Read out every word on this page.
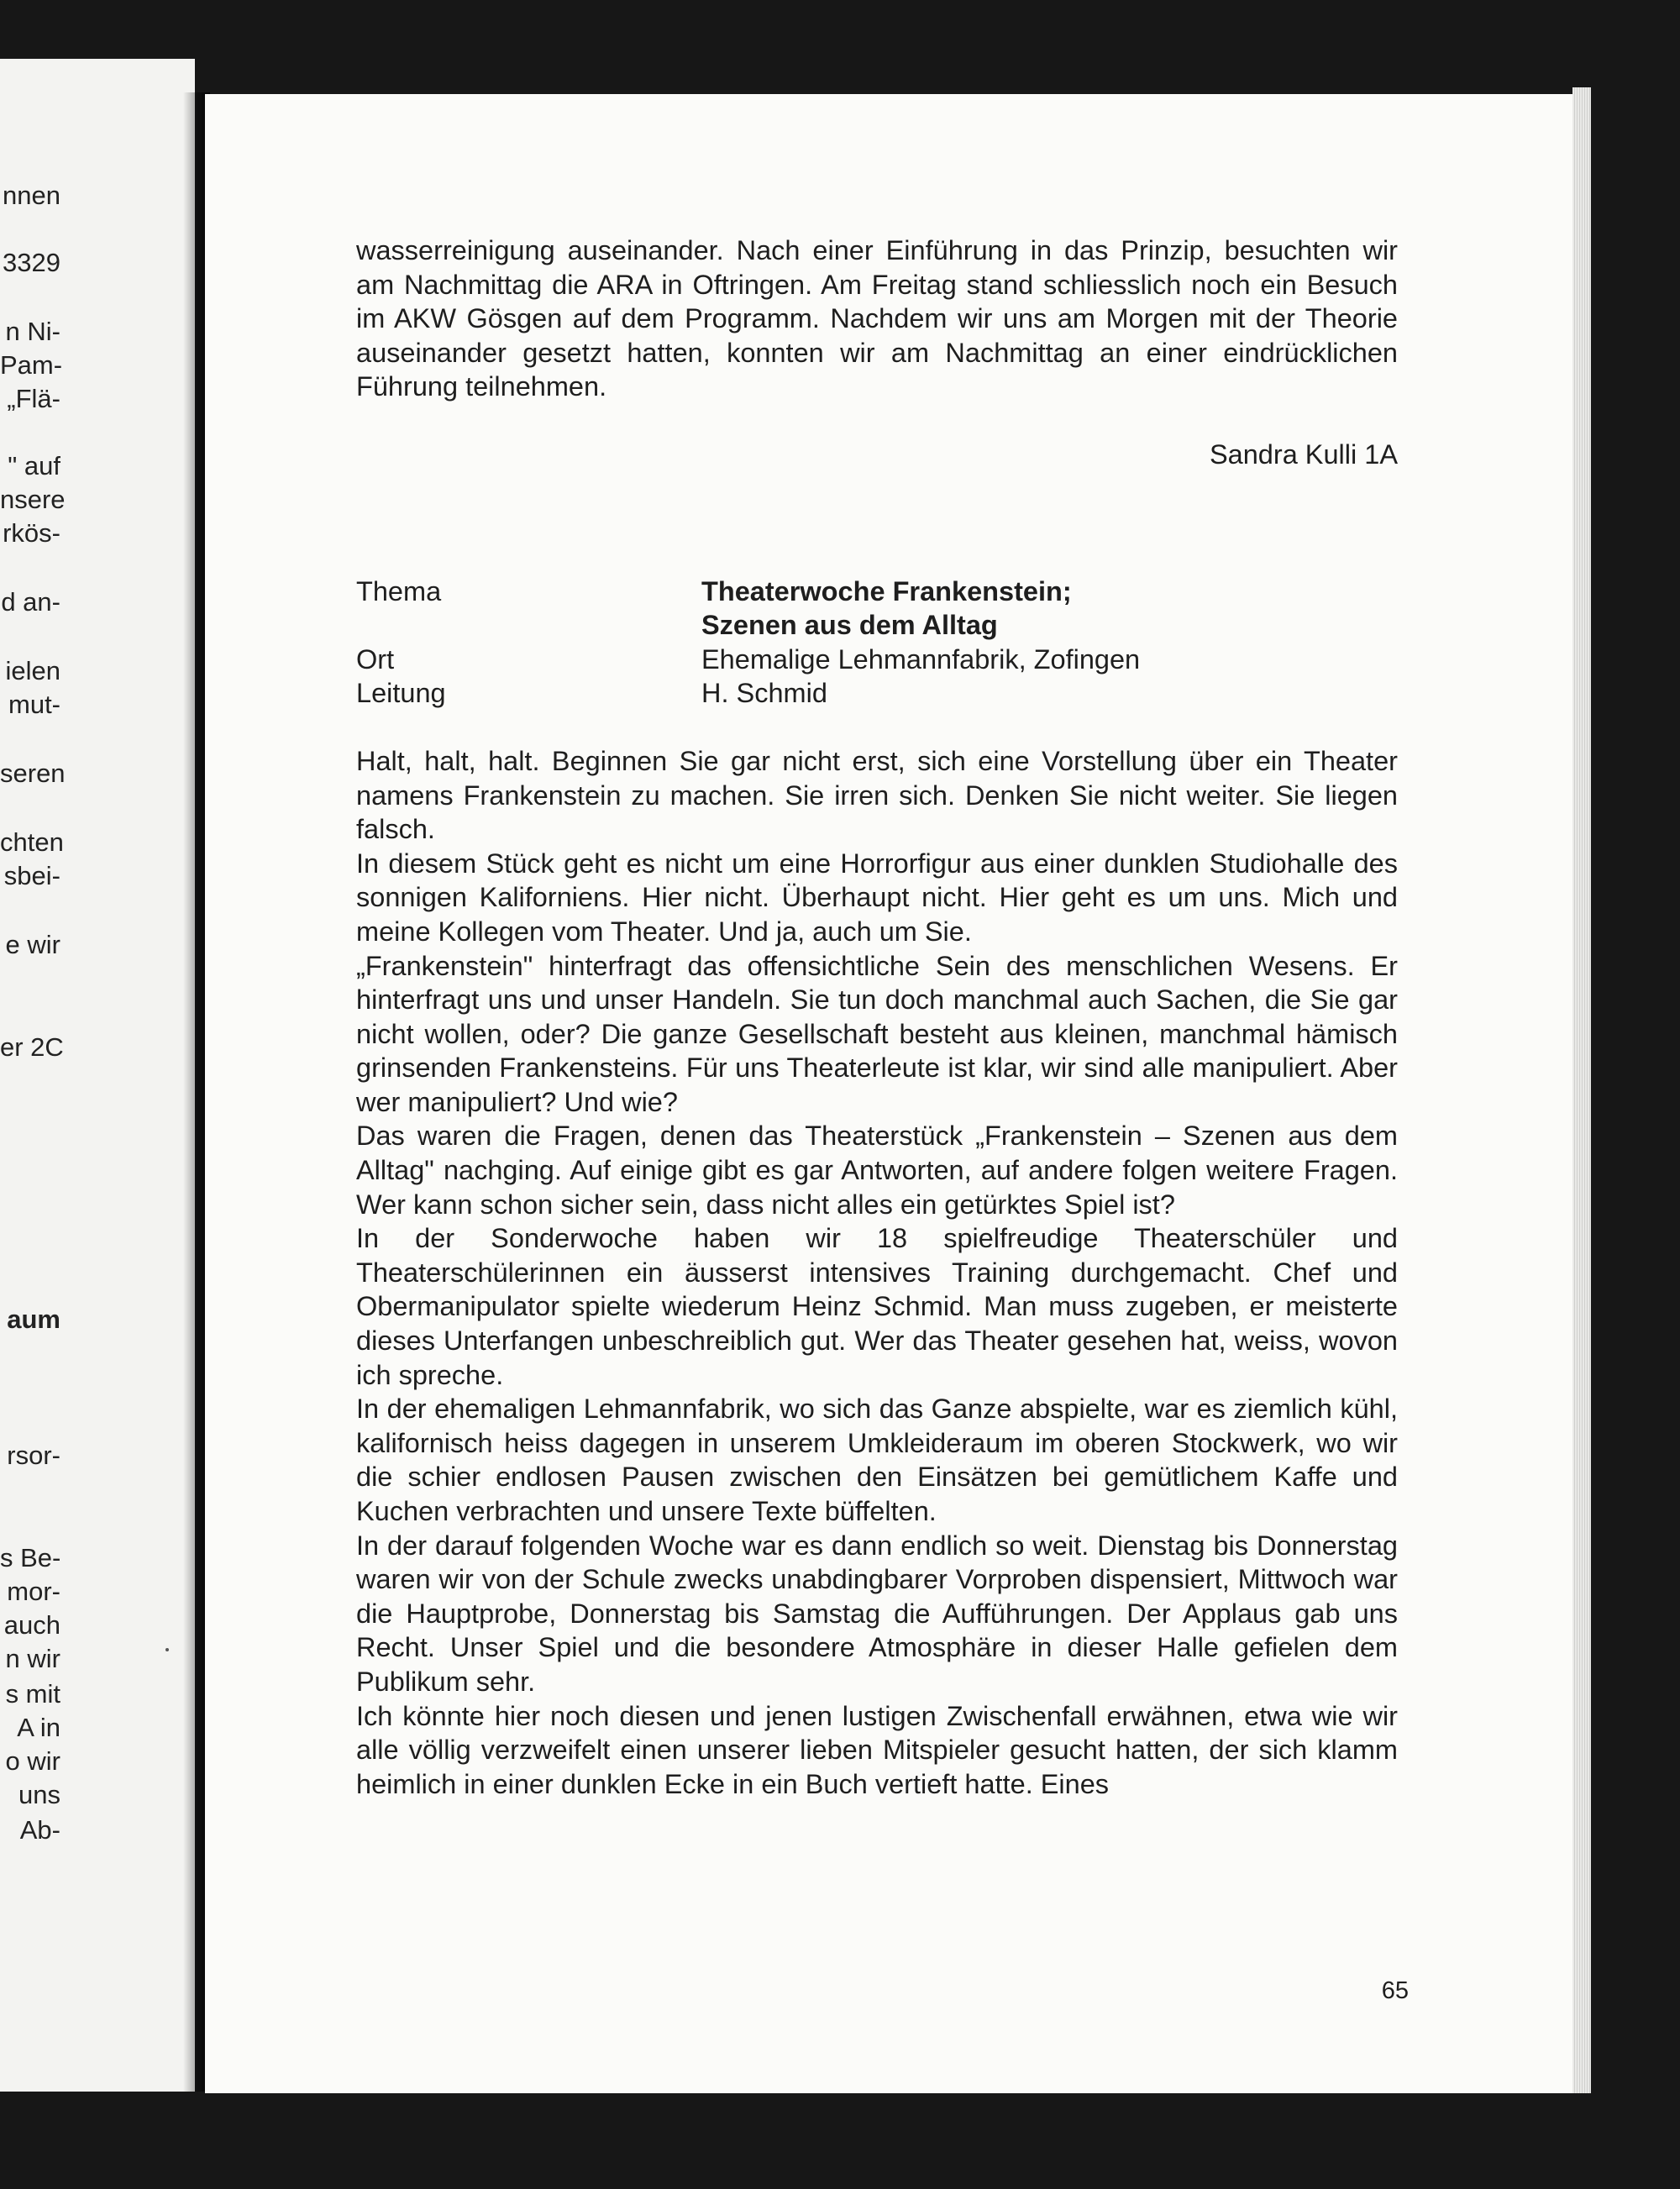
nnen
3329
n Ni-
Pam-
„Flä-
" auf
nsere
rkös-
d an-
ielen
mut-
seren
chten
sbei-
e wir
er 2C
aum
rsor-
s Be-
mor-
auch
n wir
s mit
A in
o wir
uns
Ab-

wasserreinigung auseinander. Nach einer Einführung in das Prinzip, besuchten wir am Nachmittag die ARA in Oftringen. Am Freitag stand schliesslich noch ein Besuch im AKW Gösgen auf dem Programm. Nachdem wir uns am Morgen mit der Theorie auseinander gesetzt hatten, konnten wir am Nachmittag an einer eindrücklichen Führung teilnehmen.

Sandra Kulli 1A
Thema	Theaterwoche Frankenstein;
Szenen aus dem Alltag

Ort	Ehemalige Lehmannfabrik, Zofingen
Leitung	H. Schmid

Halt, halt, halt. Beginnen Sie gar nicht erst, sich eine Vorstellung über ein Theater namens Frankenstein zu machen. Sie irren sich. Denken Sie nicht weiter. Sie liegen falsch.

In diesem Stück geht es nicht um eine Horrorfigur aus einer dunklen Studiohalle des sonnigen Kaliforniens. Hier nicht. Überhaupt nicht. Hier geht es um uns. Mich und meine Kollegen vom Theater. Und ja, auch um Sie.

„Frankenstein" hinterfragt das offensichtliche Sein des menschlichen Wesens. Er hinterfragt uns und unser Handeln. Sie tun doch manchmal auch Sachen, die Sie gar nicht wollen, oder? Die ganze Gesellschaft besteht aus kleinen, manchmal hämisch grinsenden Frankensteins. Für uns Theaterleute ist klar, wir sind alle manipuliert. Aber wer manipuliert? Und wie?

Das waren die Fragen, denen das Theaterstück „Frankenstein – Szenen aus dem Alltag" nachging. Auf einige gibt es gar Antworten, auf andere folgen weitere Fragen. Wer kann schon sicher sein, dass nicht alles ein getürktes Spiel ist?

In der Sonderwoche haben wir 18 spielfreudige Theaterschüler und Theaterschülerinnen ein äusserst intensives Training durchgemacht. Chef und Obermanipulator spielte wiederum Heinz Schmid. Man muss zugeben, er meisterte dieses Unterfangen unbeschreiblich gut. Wer das Theater gesehen hat, weiss, wovon ich spreche.

In der ehemaligen Lehmannfabrik, wo sich das Ganze abspielte, war es ziemlich kühl, kalifornisch heiss dagegen in unserem Umkleideraum im oberen Stockwerk, wo wir die schier endlosen Pausen zwischen den Einsätzen bei gemütlichem Kaffe und Kuchen verbrachten und unsere Texte büffelten.

In der darauf folgenden Woche war es dann endlich so weit. Dienstag bis Donnerstag waren wir von der Schule zwecks unabdingbarer Vorproben dispensiert, Mittwoch war die Hauptprobe, Donnerstag bis Samstag die Aufführungen. Der Applaus gab uns Recht. Unser Spiel und die besondere Atmosphäre in dieser Halle gefielen dem Publikum sehr.

Ich könnte hier noch diesen und jenen lustigen Zwischenfall erwähnen, etwa wie wir alle völlig verzweifelt einen unserer lieben Mitspieler gesucht hatten, der sich klamm heimlich in einer dunklen Ecke in ein Buch vertieft hatte. Eines

65
